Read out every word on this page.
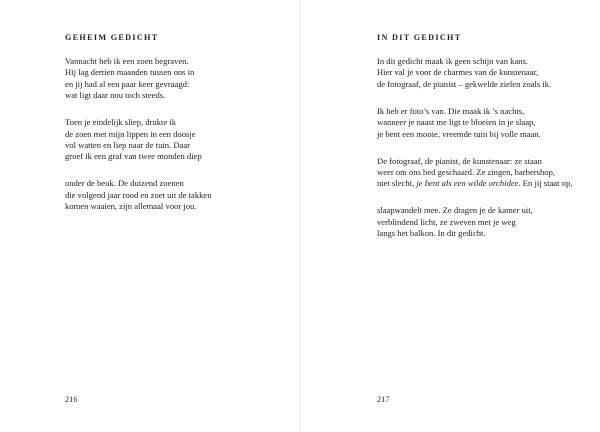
GEHEIM GEDICHT
Vannacht heb ik een zoen begraven.
Hij lag dertien maanden tussen ons in
en jij had al een paar keer gevraagd:
wat ligt daar nou toch steeds.
Toen je eindelijk sliep, drukte ik
de zoen met mijn lippen in een doosje
vol watten en liep naar de tuin. Daar
groef ik een graf van twee monden diep
onder de beuk. De duizend zoenen
die volgend jaar rood en zoet uit de takken
komen waaien, zijn allemaal voor jou.
216
IN DIT GEDICHT
In dit gedicht maak ik geen schijn van kans.
Hier val je voor de charmes van de kunstenaar,
de fotograaf, de pianist – gekwelde zielen zoals ik.
Ik heb er foto’s van. Die maak ik ’s nachts,
wanneer je naast me ligt te bloeien in je slaap,
je bent een mooie, vreemde tuin bij volle maan.
De fotograaf, de pianist, de kunstenaar: ze staan
weer om ons bed geschaard. Ze zingen, barbershop,
niet slecht, je bent als een wilde orchidee. En jij staat op,
slaapwandelt mee. Ze dragen je de kamer uit,
verblindend licht, ze zweven met je weg
langs het balkon. In dit gedicht.
217
